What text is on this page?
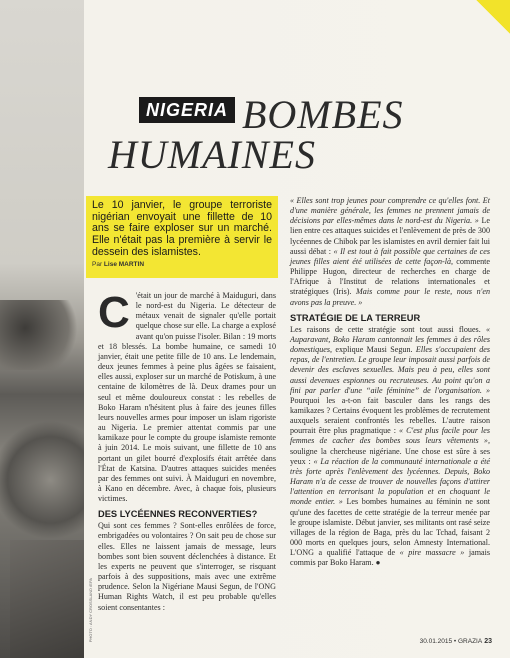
PHOTO : ANDY CROSSLAND /EPA
NIGERIA BOMBES
HUMAINES
Le 10 janvier, le groupe terroriste nigérian envoyait une fillette de 10 ans se faire exploser sur un marché. Elle n'était pas la première à servir le dessein des islamistes.
Par Lise MARTIN

C 'était un jour de marché à Maiduguri, dans le nord-est du Nigeria. Le détecteur de métaux venait de signaler qu'elle portait quelque chose sur elle. La charge a explosé avant qu'on puisse l'isoler. Bilan : 19 morts et 18 blessés. La bombe humaine, ce samedi 10 janvier, était une petite fille de 10 ans. Le lendemain, deux jeunes femmes à peine plus âgées se faisaient, elles aussi, exploser sur un marché de Potiskum, à une centaine de kilomètres de là. Deux drames pour un seul et même douloureux constat : les rebelles de Boko Haram n'hésitent plus à faire des jeunes filles leurs nouvelles armes pour imposer un islam rigoriste au Nigeria. Le premier attentat commis par une kamikaze pour le compte du groupe islamiste remonte à juin 2014. Le mois suivant, une fillette de 10 ans portant un gilet bourré d'explosifs était arrêtée dans l'État de Katsina. D'autres attaques suicides menées par des femmes ont suivi. À Maiduguri en novembre, à Kano en décembre. Avec, à chaque fois, plusieurs victimes.

DES LYCÉENNES RECONVERTIES?

Qui sont ces femmes ? Sont-elles enrôlées de force, embrigadées ou volontaires ? On sait peu de chose sur elles. Elles ne laissent jamais de message, leurs bombes sont bien souvent déclenchées à distance. Et les experts ne peuvent que s'interroger, se risquant parfois à des suppositions, mais avec une extrême prudence. Selon la Nigériane Mausi Segun, de l'ONG Human Rights Watch, il est peu probable qu'elles soient consentantes :

« Elles sont trop jeunes pour comprendre ce qu'elles font. Et d'une manière générale, les femmes ne prennent jamais de décisions par elles-mêmes dans le nord-est du Nigeria. » Le lien entre ces attaques suicides et l'enlèvement de près de 300 lycéennes de Chibok par les islamistes en avril dernier fait lui aussi débat : « Il est tout à fait possible que certaines de ces jeunes filles aient été utilisées de cette façon-là, commente Philippe Hugon, directeur de recherches en charge de l'Afrique à l'Institut de relations internationales et stratégiques (Iris). Mais comme pour le reste, nous n'en avons pas la preuve. »

STRATÉGIE DE LA TERREUR

Les raisons de cette stratégie sont tout aussi floues. « Auparavant, Boko Haram cantonnait les femmes à des rôles domestiques, explique Mausi Segun. Elles s'occupaient des repas, de l'entretien. Le groupe leur imposait aussi parfois de devenir des esclaves sexuelles. Mais peu à peu, elles sont aussi devenues espionnes ou recruteuses. Au point qu'on a fini par parler d'une “aile féminine” de l'organisation. » Pourquoi les a-t-on fait basculer dans les rangs des kamikazes ? Certains évoquent les problèmes de recrutement auxquels seraient confrontés les rebelles. L'autre raison pourrait être plus pragmatique : « C'est plus facile pour les femmes de cacher des bombes sous leurs vêtements », souligne la chercheuse nigériane. Une chose est sûre à ses yeux : « La réaction de la communauté internationale a été très forte après l'enlèvement des lycéennes. Depuis, Boko Haram n'a de cesse de trouver de nouvelles façons d'attirer l'attention en terrorisant la population et en choquant le monde entier. » Les bombes humaines au féminin ne sont qu'une des facettes de cette stratégie de la terreur menée par le groupe islamiste. Début janvier, ses militants ont rasé seize villages de la région de Baga, près du lac Tchad, faisant 2 000 morts en quelques jours, selon Amnesty International. L'ONG a qualifié l'attaque de « pire massacre » jamais commis par Boko Haram. ●

30.01.2015 • GRAZIA 23
